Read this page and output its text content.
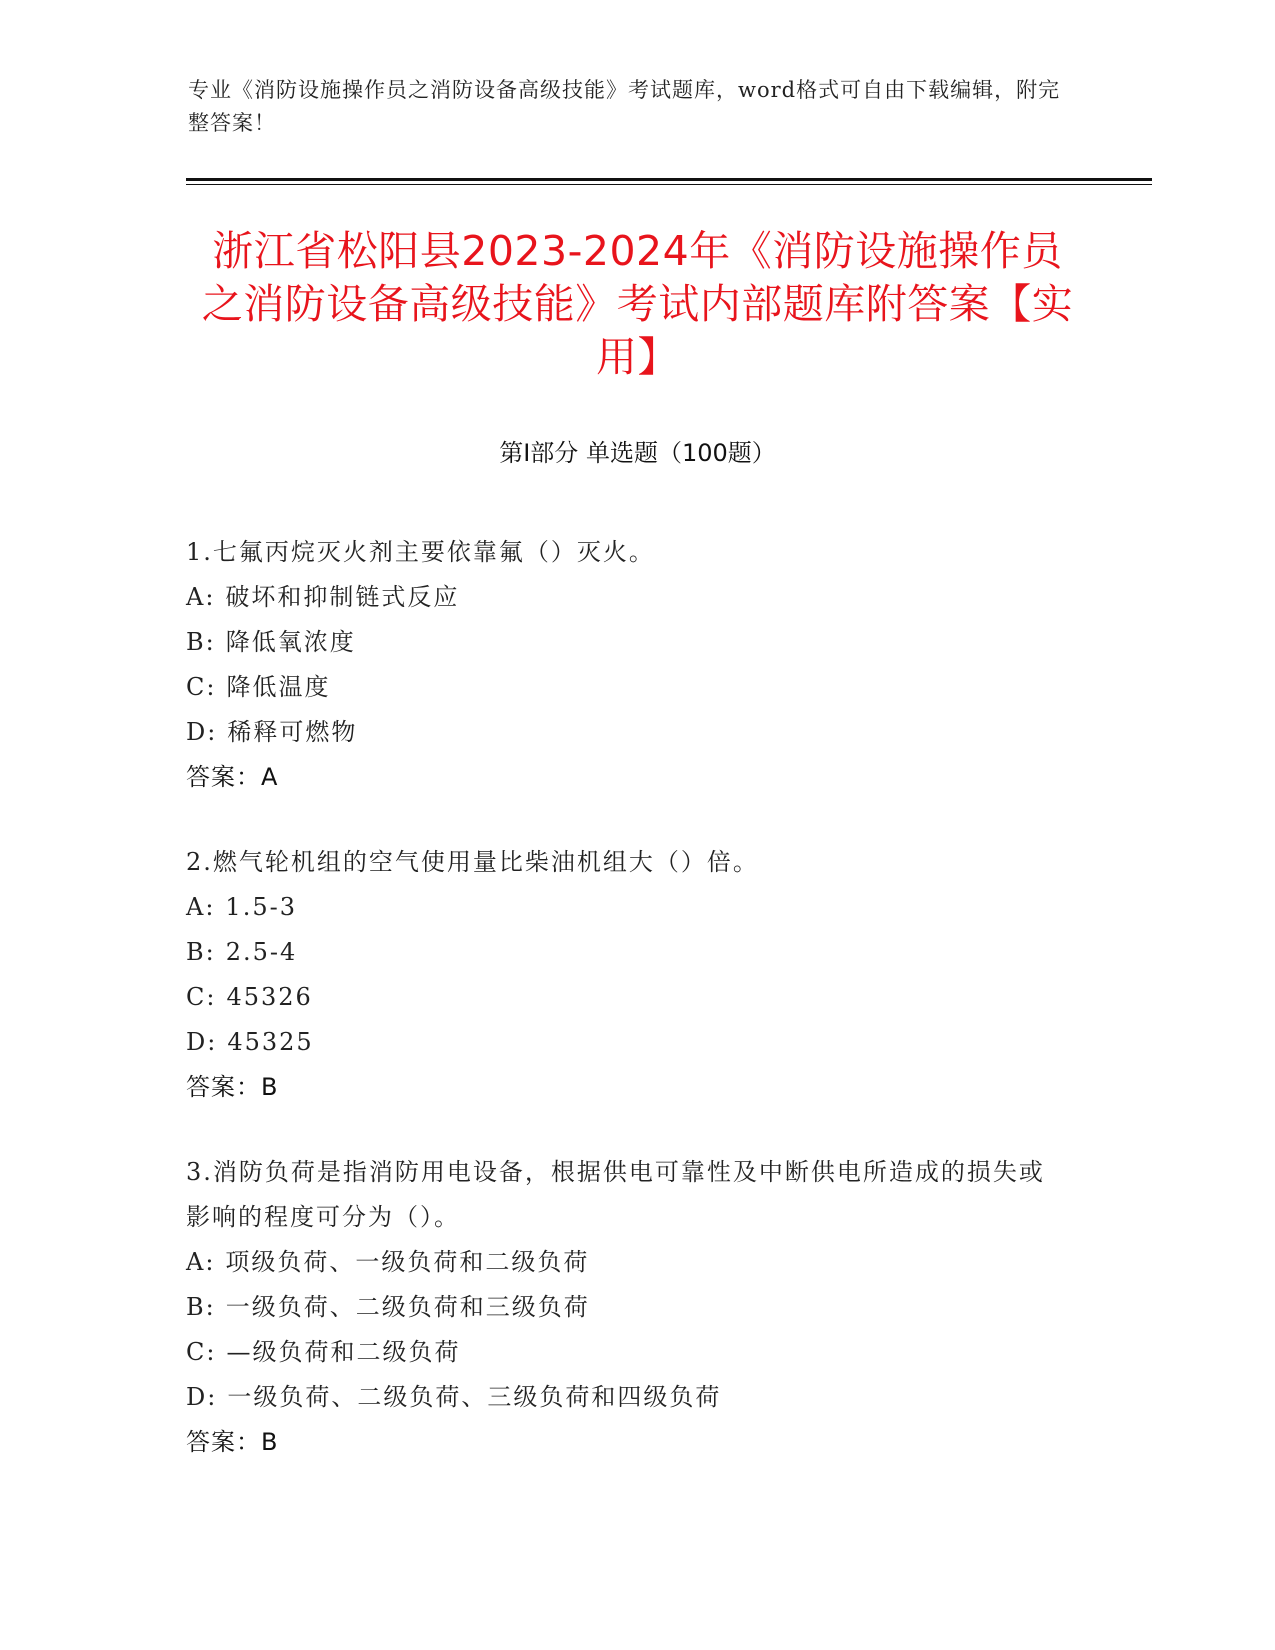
专业《消防设施操作员之消防设备高级技能》考试题库，word格式可自由下载编辑，附完整答案！
浙江省松阳县2023-2024年《消防设施操作员之消防设备高级技能》考试内部题库附答案【实用】
第I部分 单选题（100题）
1.七氟丙烷灭火剂主要依靠氟（）灭火。
A: 破坏和抑制链式反应
B: 降低氧浓度
C: 降低温度
D: 稀释可燃物
答案：A
2.燃气轮机组的空气使用量比柴油机组大（）倍。
A: 1.5-3
B: 2.5-4
C: 45326
D: 45325
答案：B
3.消防负荷是指消防用电设备，根据供电可靠性及中断供电所造成的损失或影响的程度可分为（）。
A: 项级负荷、一级负荷和二级负荷
B: 一级负荷、二级负荷和三级负荷
C: —级负荷和二级负荷
D: 一级负荷、二级负荷、三级负荷和四级负荷
答案：B
